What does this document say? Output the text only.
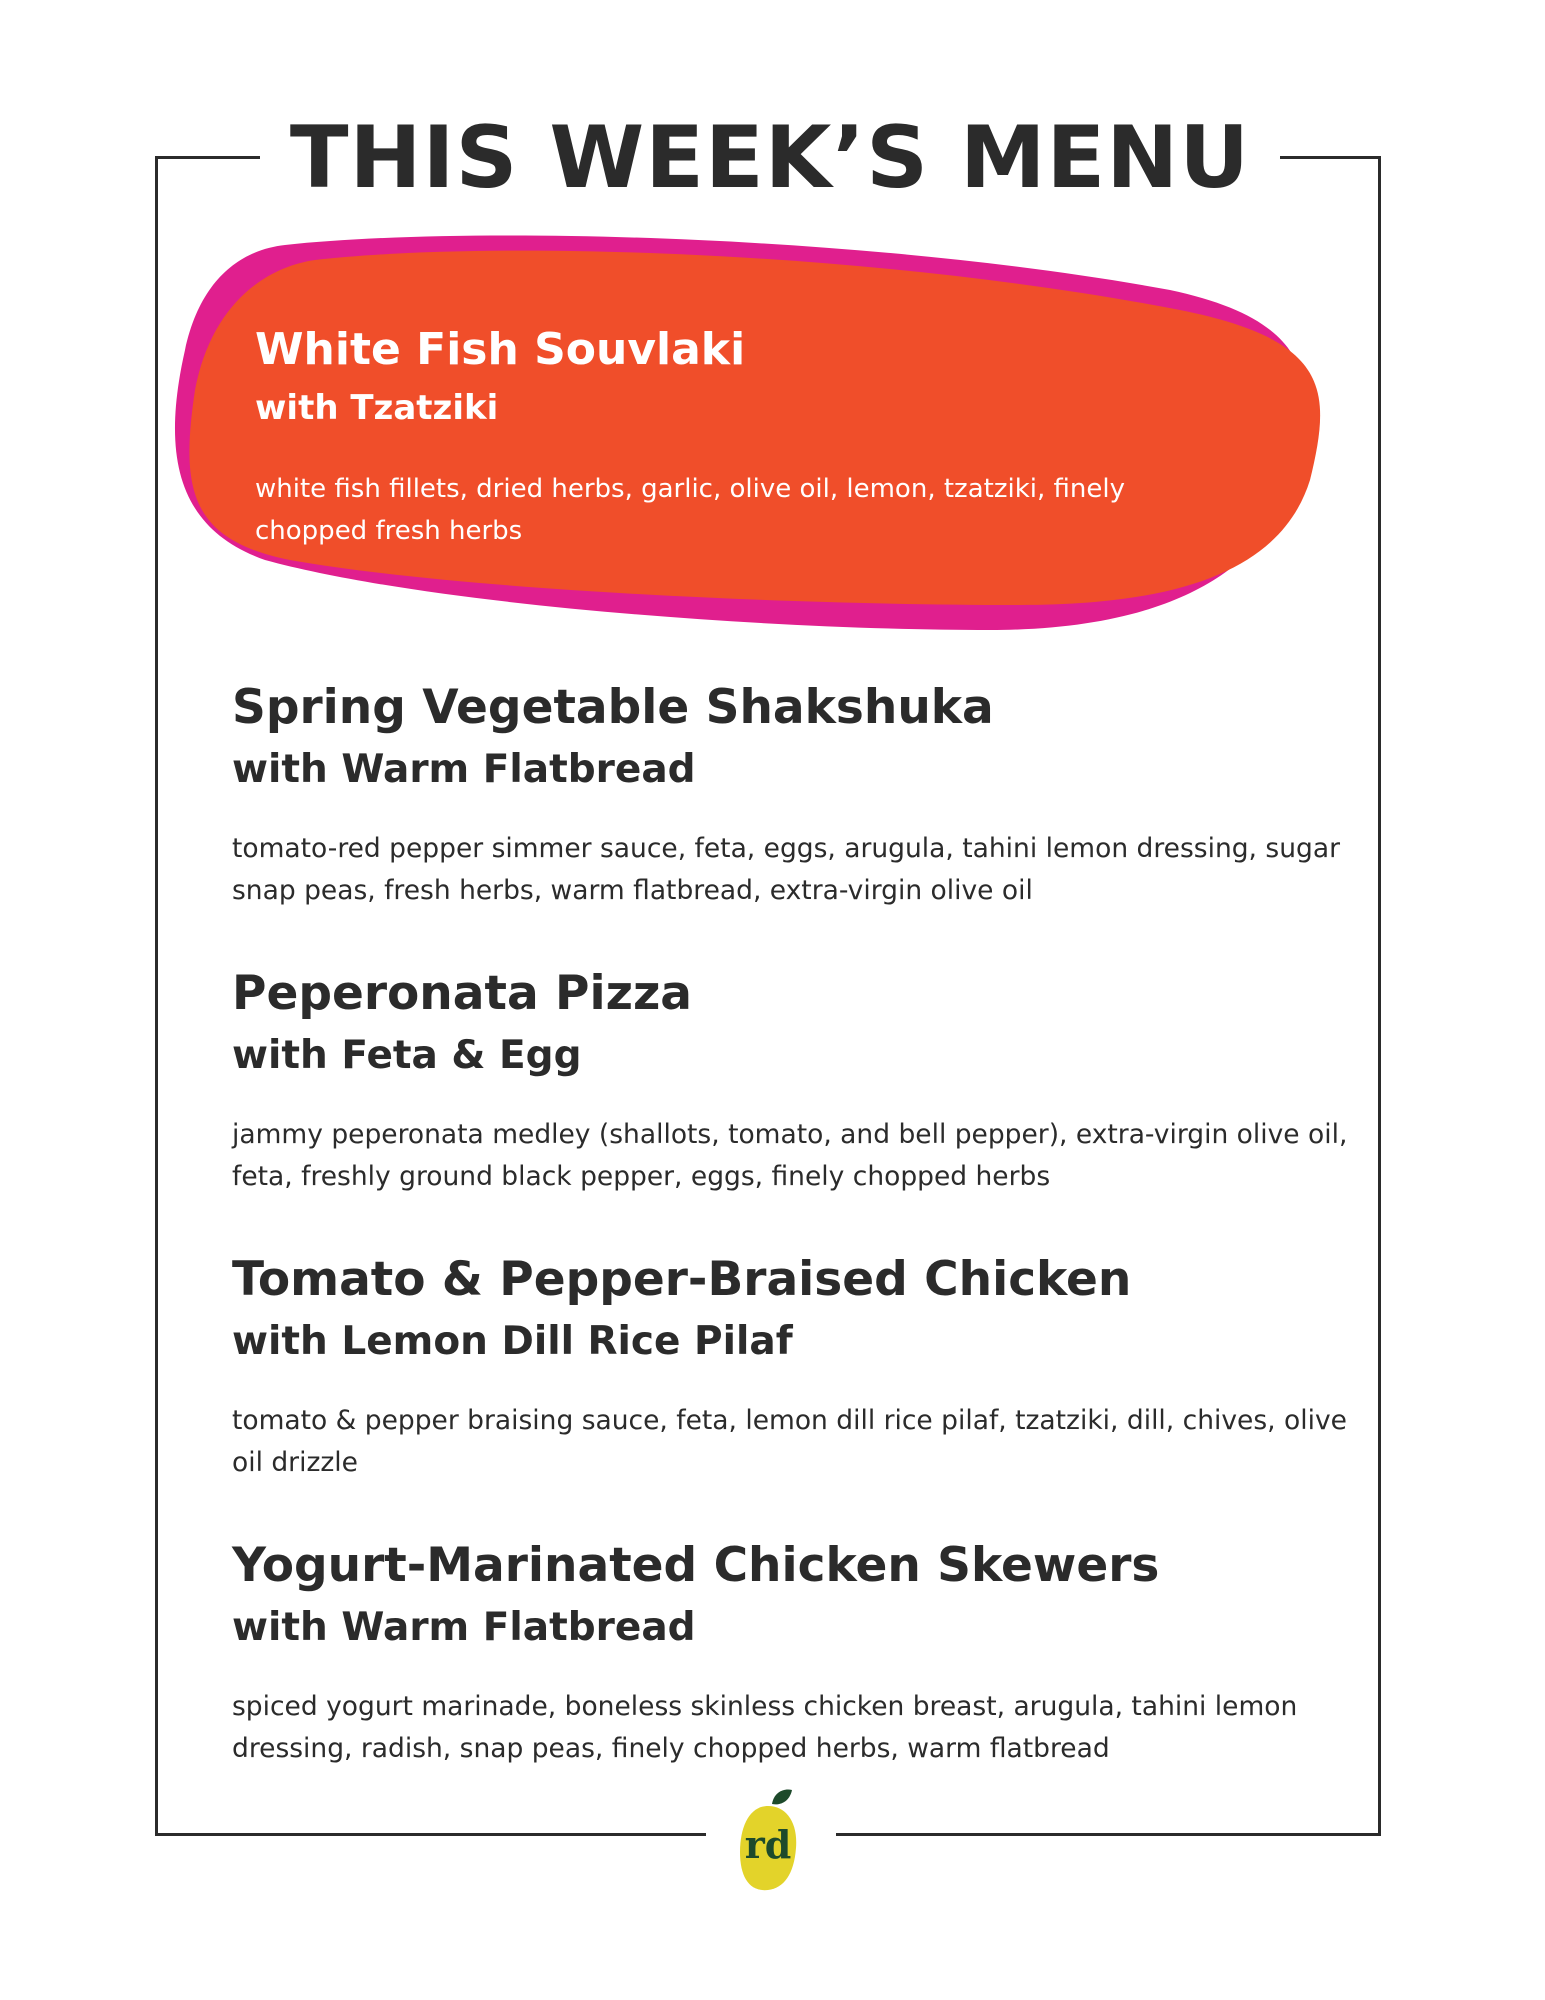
THIS WEEK’S MENU
White Fish Souvlaki
with Tzatziki

white fish fillets, dried herbs, garlic, olive oil, lemon, tzatziki, finely chopped fresh herbs

Spring Vegetable Shakshuka
with Warm Flatbread

tomato-red pepper simmer sauce, feta, eggs, arugula, tahini lemon dressing, sugar snap peas, fresh herbs, warm flatbread, extra-virgin olive oil

Peperonata Pizza
with Feta & Egg

jammy peperonata medley (shallots, tomato, and bell pepper), extra-virgin olive oil, feta, freshly ground black pepper, eggs, finely chopped herbs

Tomato & Pepper-Braised Chicken
with Lemon Dill Rice Pilaf

tomato & pepper braising sauce, feta, lemon dill rice pilaf, tzatziki, dill, chives, olive oil drizzle

Yogurt-Marinated Chicken Skewers
with Warm Flatbread

spiced yogurt marinade, boneless skinless chicken breast, arugula, tahini lemon dressing, radish, snap peas, finely chopped herbs, warm flatbread

rd
